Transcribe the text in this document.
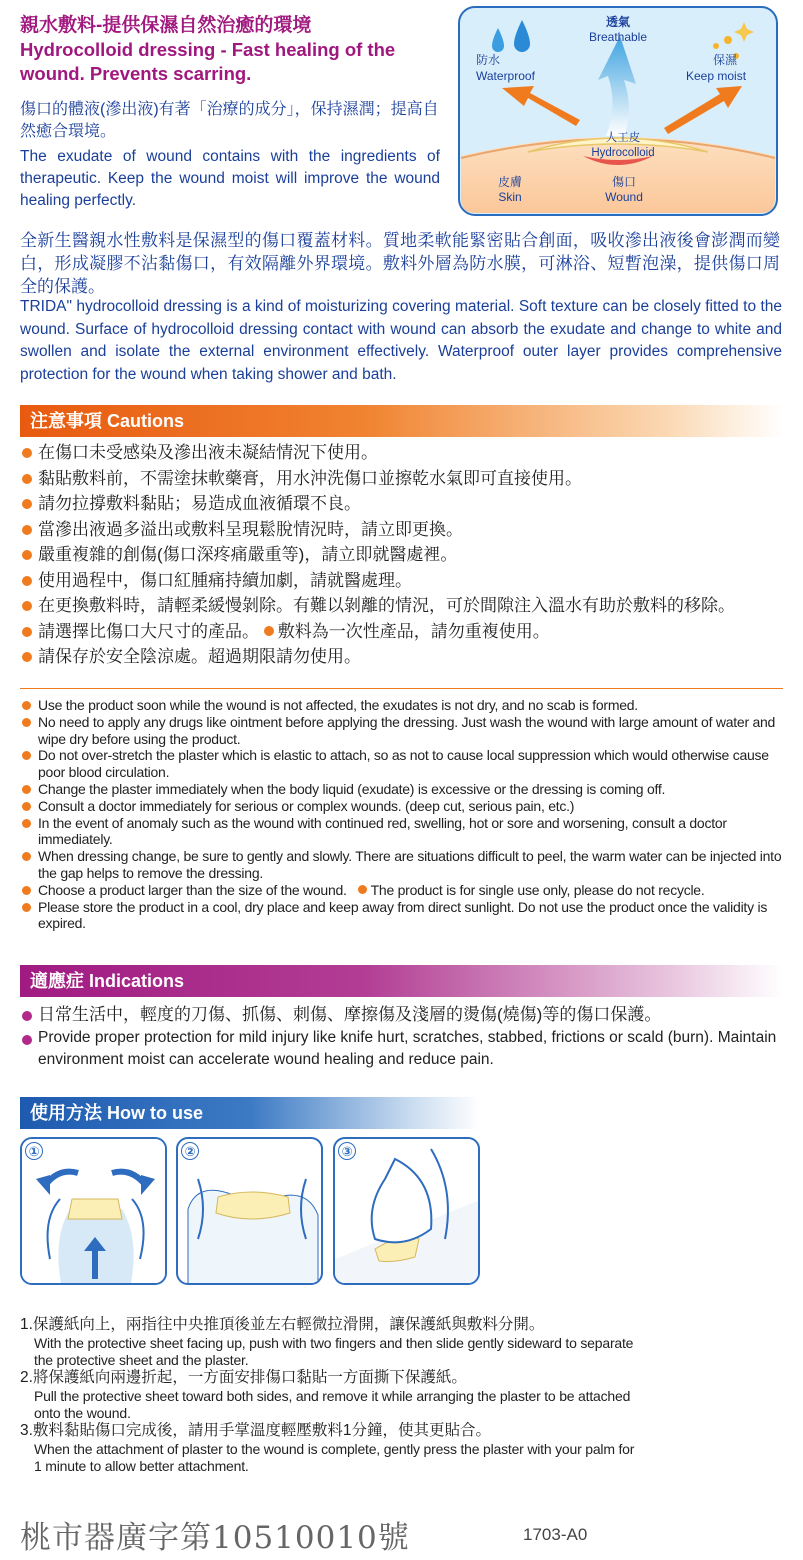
親水敷料-提供保濕自然治癒的環境
Hydrocolloid dressing - Fast healing of the wound. Prevents scarring.
傷口的體液(滲出液)有著「治療的成分」，保持濕潤；提高自然癒合環境。
The exudate of wound contains with the ingredients of therapeutic. Keep the wound moist will improve the wound healing perfectly.
透氣
Breathable
防水
Waterproof
保濕
Keep moist
人工皮
Hydrocolloid
皮膚
Skin
傷口
Wound
全新生醫親水性敷料是保濕型的傷口覆蓋材料。質地柔軟能緊密貼合創面，吸收滲出液後會澎潤而變白，形成凝膠不沾黏傷口，有效隔離外界環境。敷料外層為防水膜，可淋浴、短暫泡澡，提供傷口周全的保護。
TRIDA" hydrocolloid dressing is a kind of moisturizing covering material. Soft texture can be closely fitted to the wound. Surface of hydrocolloid dressing contact with wound can absorb the exudate and change to white and swollen and isolate the external environment effectively. Waterproof outer layer provides comprehensive protection for the wound when taking shower and bath.
注意事項 Cautions
在傷口未受感染及滲出液未凝結情況下使用。
黏貼敷料前，不需塗抹軟藥膏，用水沖洗傷口並擦乾水氣即可直接使用。
請勿拉撐敷料黏貼；易造成血液循環不良。
當滲出液過多溢出或敷料呈現鬆脫情況時，請立即更換。
嚴重複雜的創傷(傷口深疼痛嚴重等)，請立即就醫處裡。
使用過程中，傷口紅腫痛持續加劇，請就醫處理。
在更換敷料時，請輕柔緩慢剝除。有難以剝離的情況，可於間隙注入溫水有助於敷料的移除。
請選擇比傷口大尺寸的產品。 敷料為一次性產品，請勿重複使用。
請保存於安全陰涼處。超過期限請勿使用。
Use the product soon while the wound is not affected, the exudates is not dry, and no scab is formed.
No need to apply any drugs like ointment before applying the dressing. Just wash the wound with large amount of water and wipe dry before using the product.
Do not over-stretch the plaster which is elastic to attach, so as not to cause local suppression which would otherwise cause poor blood circulation.
Change the plaster immediately when the body liquid (exudate) is excessive or the dressing is coming off.
Consult a doctor immediately for serious or complex wounds. (deep cut, serious pain, etc.)
In the event of anomaly such as the wound with continued red, swelling, hot or sore and worsening, consult a doctor immediately.
When dressing change, be sure to gently and slowly. There are situations difficult to peel, the warm water can be injected into the gap helps to remove the dressing.
Choose a product larger than the size of the wound. The product is for single use only, please do not recycle.
Please store the product in a cool, dry place and keep away from direct sunlight. Do not use the product once the validity is expired.
適應症 Indications
日常生活中，輕度的刀傷、抓傷、刺傷、摩擦傷及淺層的燙傷(燒傷)等的傷口保護。
Provide proper protection for mild injury like knife hurt, scratches, stabbed, frictions or scald (burn). Maintain environment moist can accelerate wound healing and reduce pain.
使用方法 How to use
①	②	③
1.保護紙向上，兩指往中央推頂後並左右輕微拉滑開，讓保護紙與敷料分開。
With the protective sheet facing up, push with two fingers and then slide gently sideward to separate the protective sheet and the plaster.
2.將保護紙向兩邊折起，一方面安排傷口黏貼一方面撕下保護紙。
Pull the protective sheet toward both sides, and remove it while arranging the plaster to be attached onto the wound.
3.敷料黏貼傷口完成後，請用手掌溫度輕壓敷料1分鐘，使其更貼合。
When the attachment of plaster to the wound is complete, gently press the plaster with your palm for 1 minute to allow better attachment.
桃市器廣字第10510010號	1703-A0
